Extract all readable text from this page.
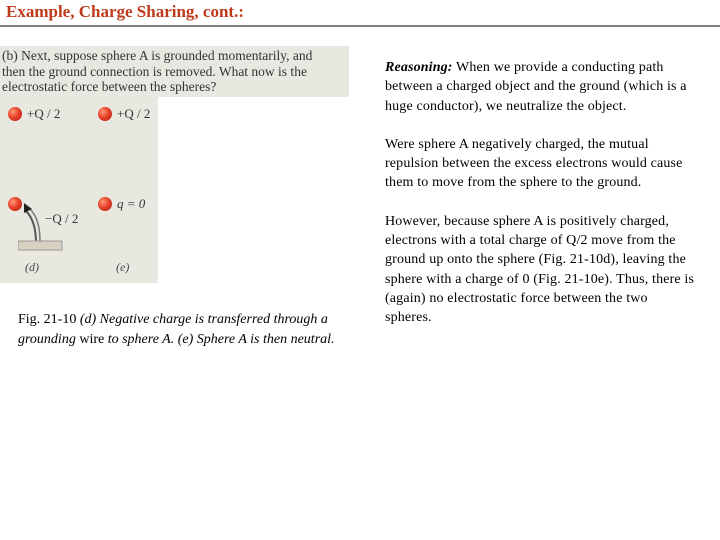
Example, Charge Sharing, cont.:
(b) Next, suppose sphere A is grounded momentarily, and
then the ground connection is removed. What now is the
electrostatic force between the spheres?
+Q / 2	+Q / 2
−Q / 2
q = 0
(d)	(e)
Fig. 21-10 (d) Negative charge is transferred through a grounding wire to sphere A. (e) Sphere A is then neutral.

Reasoning: When we provide a conducting path between a charged object and the ground (which is a huge conductor), we neutralize the object.

Were sphere A negatively charged, the mutual repulsion between the excess electrons would cause them to move from the sphere to the ground.

However, because sphere A is positively charged, electrons with a total charge of Q/2 move from the ground up onto the sphere (Fig. 21-10d), leaving the sphere with a charge of 0 (Fig. 21-10e). Thus, there is (again) no electrostatic force between the two spheres.
